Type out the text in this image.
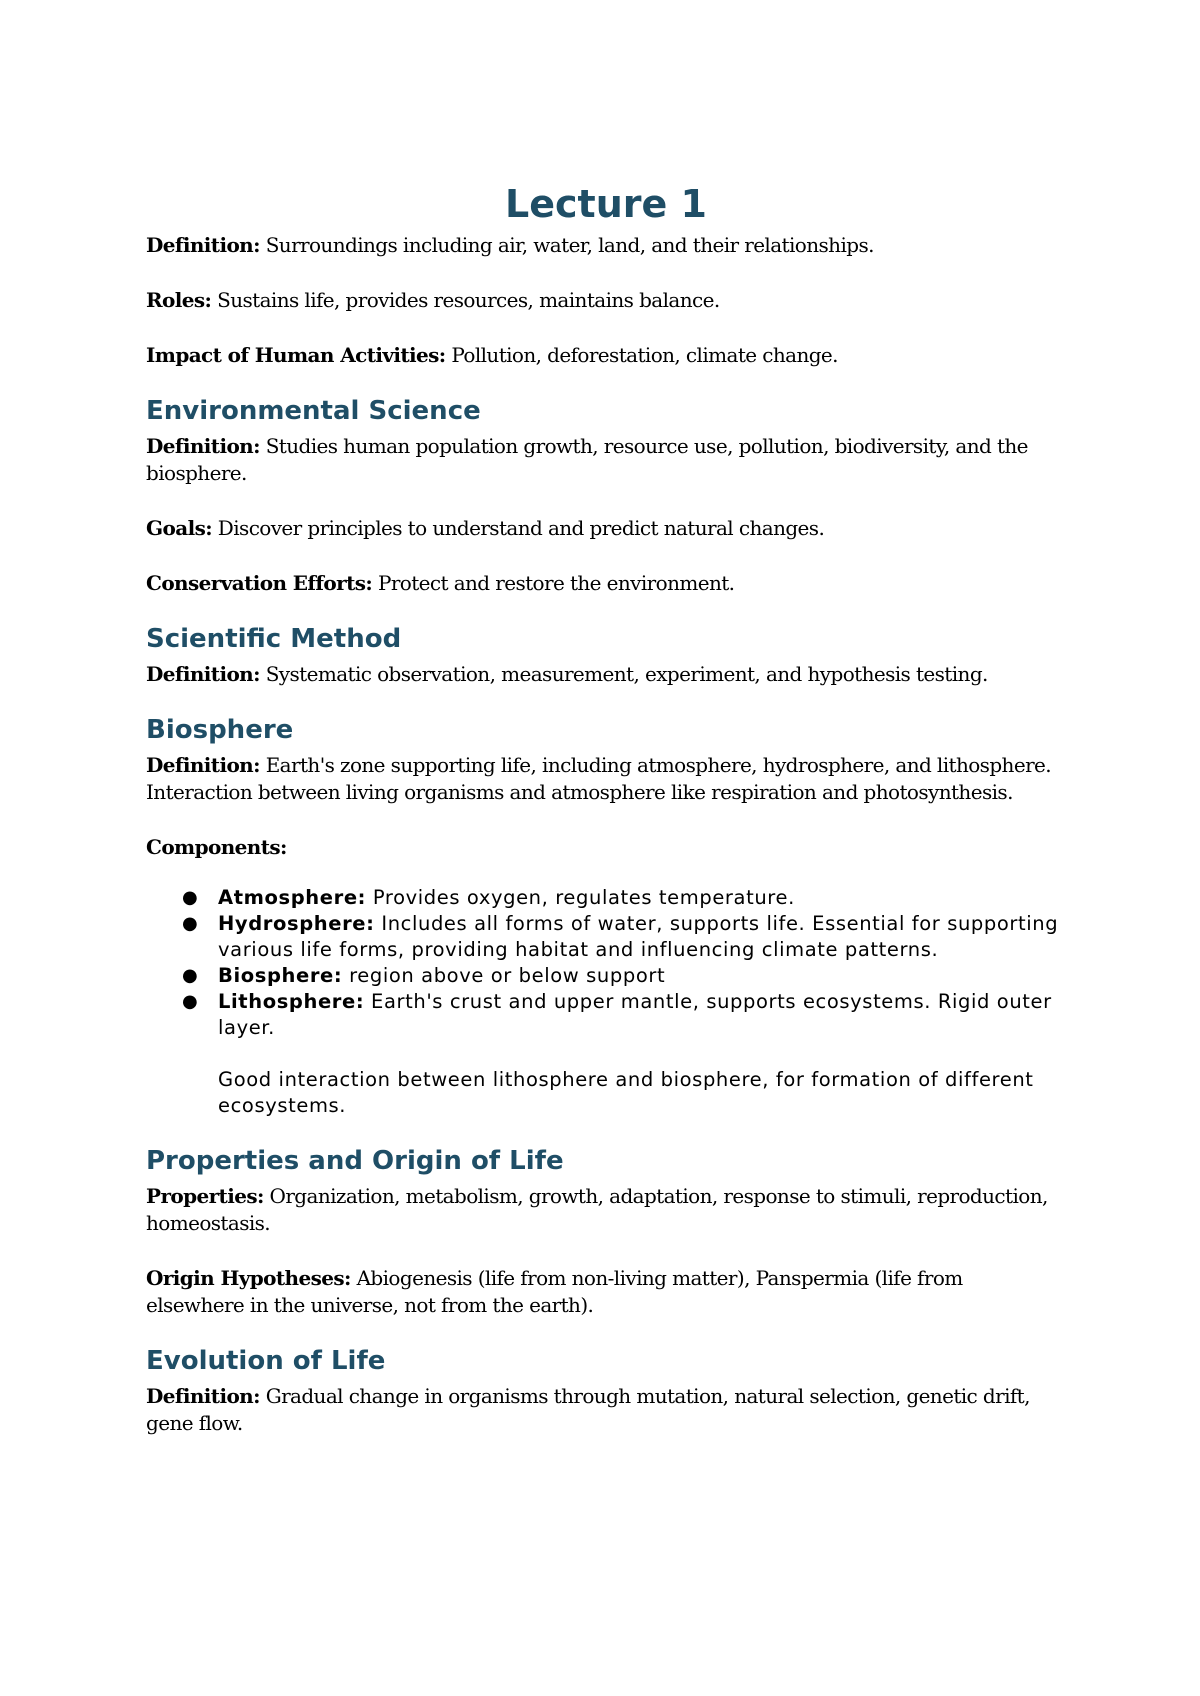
Lecture 1

Definition: Surroundings including air, water, land, and their relationships.

Roles: Sustains life, provides resources, maintains balance.

Impact of Human Activities: Pollution, deforestation, climate change.

Environmental Science

Definition: Studies human population growth, resource use, pollution, biodiversity, and the biosphere.

Goals: Discover principles to understand and predict natural changes.

Conservation Efforts: Protect and restore the environment.

Scientific Method

Definition: Systematic observation, measurement, experiment, and hypothesis testing.

Biosphere

Definition: Earth's zone supporting life, including atmosphere, hydrosphere, and lithosphere. Interaction between living organisms and atmosphere like respiration and photosynthesis.

Components:

● Atmosphere: Provides oxygen, regulates temperature.
● Hydrosphere: Includes all forms of water, supports life. Essential for supporting various life forms, providing habitat and influencing climate patterns.
● Biosphere: region above or below support
● Lithosphere: Earth's crust and upper mantle, supports ecosystems. Rigid outer layer.

Good interaction between lithosphere and biosphere, for formation of different ecosystems.

Properties and Origin of Life

Properties: Organization, metabolism, growth, adaptation, response to stimuli, reproduction, homeostasis.

Origin Hypotheses: Abiogenesis (life from non-living matter), Panspermia (life from elsewhere in the universe, not from the earth).

Evolution of Life

Definition: Gradual change in organisms through mutation, natural selection, genetic drift, gene flow.
